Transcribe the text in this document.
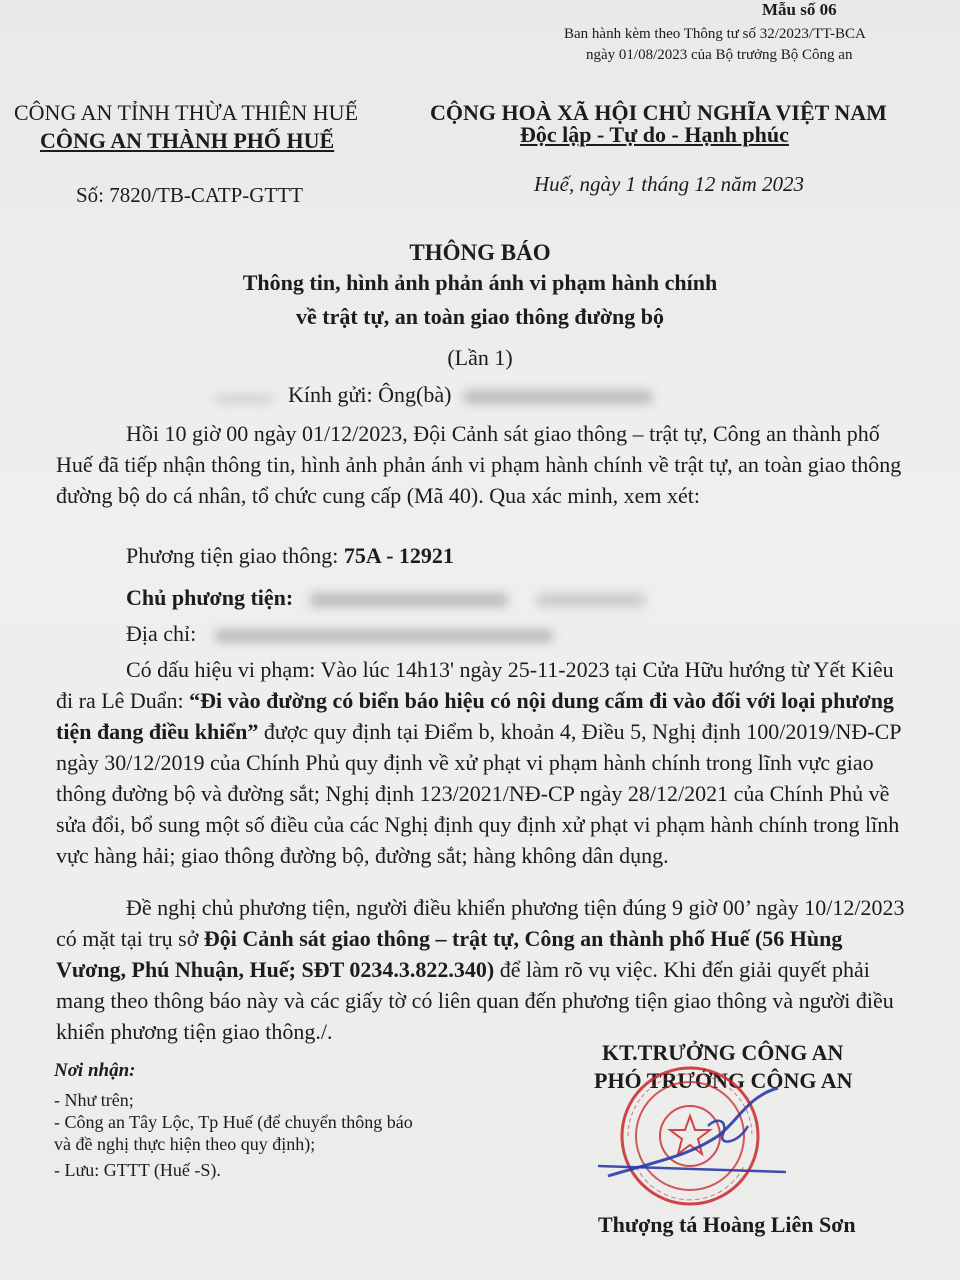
Mẫu số 06
Ban hành kèm theo Thông tư số 32/2023/TT-BCA
ngày 01/08/2023 của Bộ trưởng Bộ Công an
CÔNG AN TỈNH THỪA THIÊN HUẾ
CÔNG AN THÀNH PHỐ HUẾ
CỘNG HOÀ XÃ HỘI CHỦ NGHĨA VIỆT NAM
Độc lập - Tự do - Hạnh phúc
Số: 7820/TB-CATP-GTTT	Huế, ngày 1 tháng 12 năm 2023
THÔNG BÁO
Thông tin, hình ảnh phản ánh vi phạm hành chính
về trật tự, an toàn giao thông đường bộ
(Lần 1)
Kính gửi: Ông(bà)
Hồi 10 giờ 00 ngày 01/12/2023, Đội Cảnh sát giao thông – trật tự, Công an thành phố Huế đã tiếp nhận thông tin, hình ảnh phản ánh vi phạm hành chính về trật tự, an toàn giao thông đường bộ do cá nhân, tổ chức cung cấp (Mã 40). Qua xác minh, xem xét:
Phương tiện giao thông: 75A - 12921
Chủ phương tiện:
Địa chỉ:
Có dấu hiệu vi phạm: Vào lúc 14h13' ngày 25-11-2023 tại Cửa Hữu hướng từ Yết Kiêu đi ra Lê Duẩn: “Đi vào đường có biển báo hiệu có nội dung cấm đi vào đối với loại phương tiện đang điều khiển” được quy định tại Điểm b, khoản 4, Điều 5, Nghị định 100/2019/NĐ-CP ngày 30/12/2019 của Chính Phủ quy định về xử phạt vi phạm hành chính trong lĩnh vực giao thông đường bộ và đường sắt; Nghị định 123/2021/NĐ-CP ngày 28/12/2021 của Chính Phủ về sửa đổi, bổ sung một số điều của các Nghị định quy định xử phạt vi phạm hành chính trong lĩnh vực hàng hải; giao thông đường bộ, đường sắt; hàng không dân dụng.
Đề nghị chủ phương tiện, người điều khiển phương tiện đúng 9 giờ 00’ ngày 10/12/2023 có mặt tại trụ sở Đội Cảnh sát giao thông – trật tự, Công an thành phố Huế (56 Hùng Vương, Phú Nhuận, Huế; SĐT 0234.3.822.340) để làm rõ vụ việc. Khi đến giải quyết phải mang theo thông báo này và các giấy tờ có liên quan đến phương tiện giao thông và người điều khiển phương tiện giao thông./.
Nơi nhận:
- Như trên;
- Công an Tây Lộc, Tp Huế (để chuyển thông báo
và đề nghị thực hiện theo quy định);
- Lưu: GTTT (Huế -S).
KT.TRƯỞNG CÔNG AN
PHÓ TRƯỞNG CÔNG AN
Thượng tá Hoàng Liên Sơn
